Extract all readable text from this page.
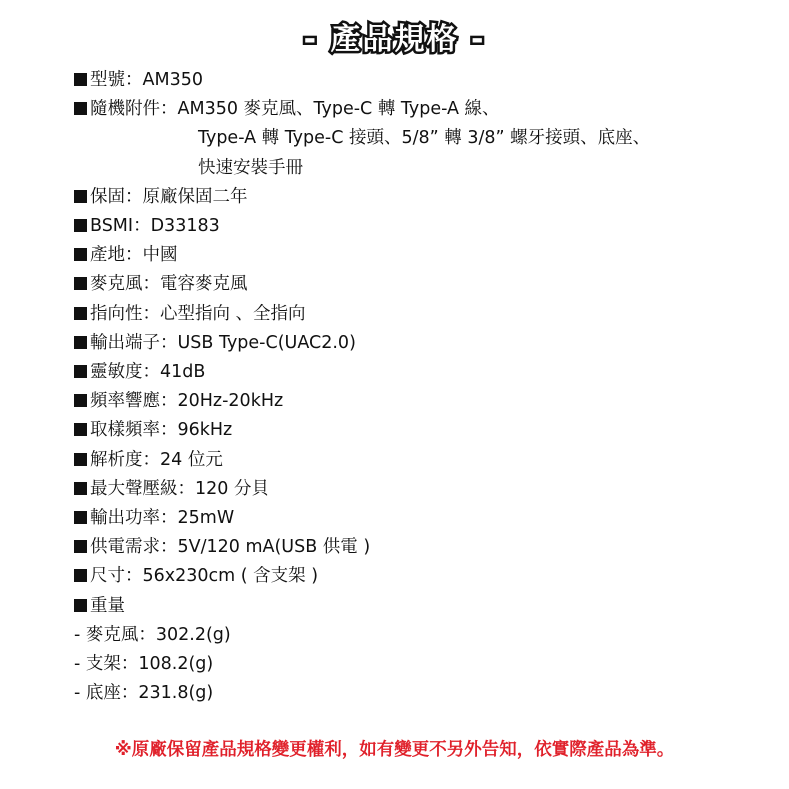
- 產品規格 -
型號：AM350
隨機附件：AM350 麥克風、Type-C 轉 Type-A 線、
Type-A 轉 Type-C 接頭、5/8” 轉 3/8” 螺牙接頭、底座、
快速安裝手冊
保固：原廠保固二年
BSMI：D33183
產地：中國
麥克風：電容麥克風
指向性：心型指向 、全指向
輸出端子：USB Type-C(UAC2.0)
靈敏度：41dB
頻率響應：20Hz-20kHz
取樣頻率：96kHz
解析度：24 位元
最大聲壓級：120 分貝
輸出功率：25mW
供電需求：5V/120 mA(USB 供電 )
尺寸：56x230cm ( 含支架 )
重量
- 麥克風：302.2(g)
- 支架：108.2(g)
- 底座：231.8(g)
※原廠保留產品規格變更權利，如有變更不另外告知，依實際產品為準。
